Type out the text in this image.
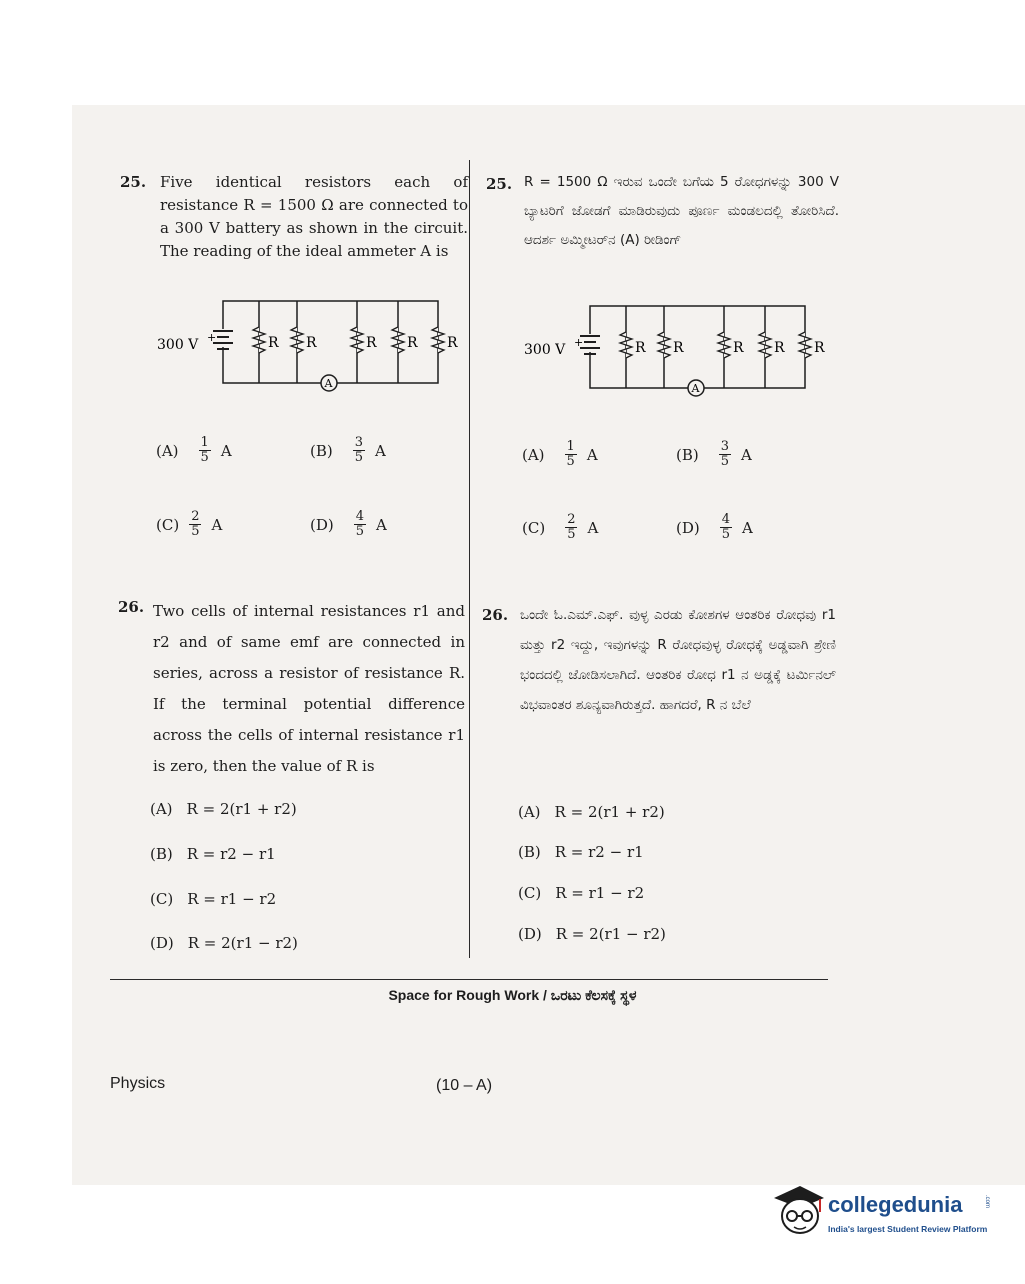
25. Five identical resistors each of resistance R = 1500 Ω are connected to a 300 V battery as shown in the circuit. The reading of the ideal ammeter A is
300 V +	R R	R R R
A
$(A) \frac{1}{5}$ A	$(B) \frac{3}{5}$ A
$(C) \frac{2}{5}$ A	$(D) \frac{4}{5}$ A
26. Two cells of internal resistances r1 and r2 and of same emf are connected in series, across a resistor of resistance R. If the terminal potential difference across the cells of internal resistance r1 is zero, then the value of R is
(A) R = 2(r1 + r2)
(B) R = r2 − r1
(C) R = r1 − r2
(D) R = 2(r1 − r2)
25. R = 1500 Ω ಇರುವ ಒಂದೇ ಬಗೆಯ 5 ರೋಧಗಳನ್ನು 300 V ಬ್ಯಾಟರಿಗೆ ಜೋಡಗೆ ಮಾಡಿರುವುದು ಪೂರ್ಣ ಮಂಡಲದಲ್ಲಿ ತೋರಿಸಿದೆ. ಆದರ್ಶ ಅಮ್ಮೀಟರ್‌ನ (A) ರೀಡಿಂಗ್
300 V +	R R	R R R
A
$(A) \frac{1}{5}$ A	$(B) \frac{3}{5}$ A
$(C) \frac{2}{5}$ A	$(D) \frac{4}{5}$ A
26. ಒಂದೇ ಓ.ಎಮ್.ಎಫ್. ವುಳ್ಳ ಎರಡು ಕೋಶಗಳ ಆಂತರಿಕ ರೋಧವು r1 ಮತ್ತು r2 ಇದ್ದು, ಇವುಗಳನ್ನು R ರೋಧವುಳ್ಳ ರೋಧಕ್ಕೆ ಅಡ್ಡವಾಗಿ ಶ್ರೇಣಿ ಭಂದದಲ್ಲಿ ಜೋಡಿಸಲಾಗಿದೆ. ಆಂತರಿಕ ರೋಧ r1 ನ ಅಡ್ಡಕ್ಕೆ ಟರ್ಮಿನಲ್ ವಿಭವಾಂತರ ಶೂನ್ಯವಾಗಿರುತ್ತದೆ. ಹಾಗದರೆ, R ನ ಬೆಲೆ
(A) R = 2(r1 + r2)
(B) R = r2 − r1
(C) R = r1 − r2
(D) R = 2(r1 − r2)
Space for Rough Work / ಒರಟು ಕೆಲಸಕ್ಕೆ ಸ್ಥಳ
Physics	(10 – A)
collegedunia	.com
India's largest Student Review Platform
